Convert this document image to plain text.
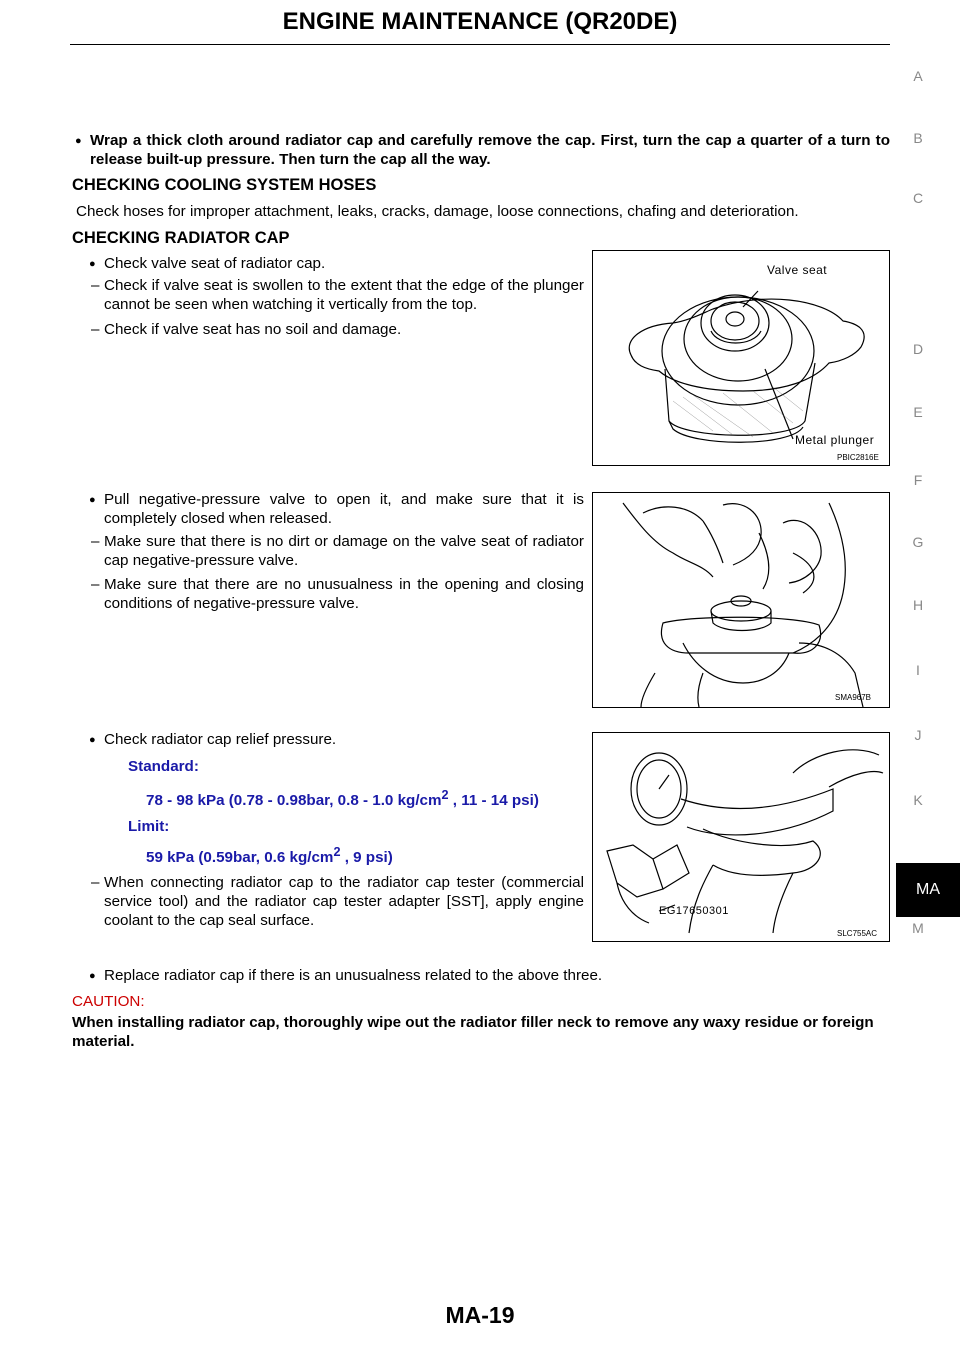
ENGINE MAINTENANCE (QR20DE)
● Wrap a thick cloth around radiator cap and carefully remove the cap. First, turn the cap a quarter of a turn to release built-up pressure. Then turn the cap all the way.
CHECKING COOLING SYSTEM HOSES
Check hoses for improper attachment, leaks, cracks, damage, loose connections, chafing and deterioration.
CHECKING RADIATOR CAP
● Check valve seat of radiator cap.
– Check if valve seat is swollen to the extent that the edge of the plunger cannot be seen when watching it vertically from the top.
– Check if valve seat has no soil and damage.
Valve seat
Metal plunger
PBIC2816E
● Pull negative-pressure valve to open it, and make sure that it is completely closed when released.
– Make sure that there is no dirt or damage on the valve seat of radiator cap negative-pressure valve.
– Make sure that there are no unusualness in the opening and closing conditions of negative-pressure valve.
SMA967B
● Check radiator cap relief pressure.
Standard:
78 - 98 kPa (0.78 - 0.98bar, 0.8 - 1.0 $kg/cm^2$ , 11 - 14 psi)
Limit:
59 kPa (0.59bar, 0.6 $kg/cm^2$ , 9 psi)
– When connecting radiator cap to the radiator cap tester (commercial service tool) and the radiator cap tester adapter [SST], apply engine coolant to the cap seal surface.
EG17650301
SLC755AC
● Replace radiator cap if there is an unusualness related to the above three.
CAUTION:
When installing radiator cap, thoroughly wipe out the radiator filler neck to remove any waxy residue or foreign material.
A
B
C
D
E
F
G
H
I
J
K
MA
M
MA-19
